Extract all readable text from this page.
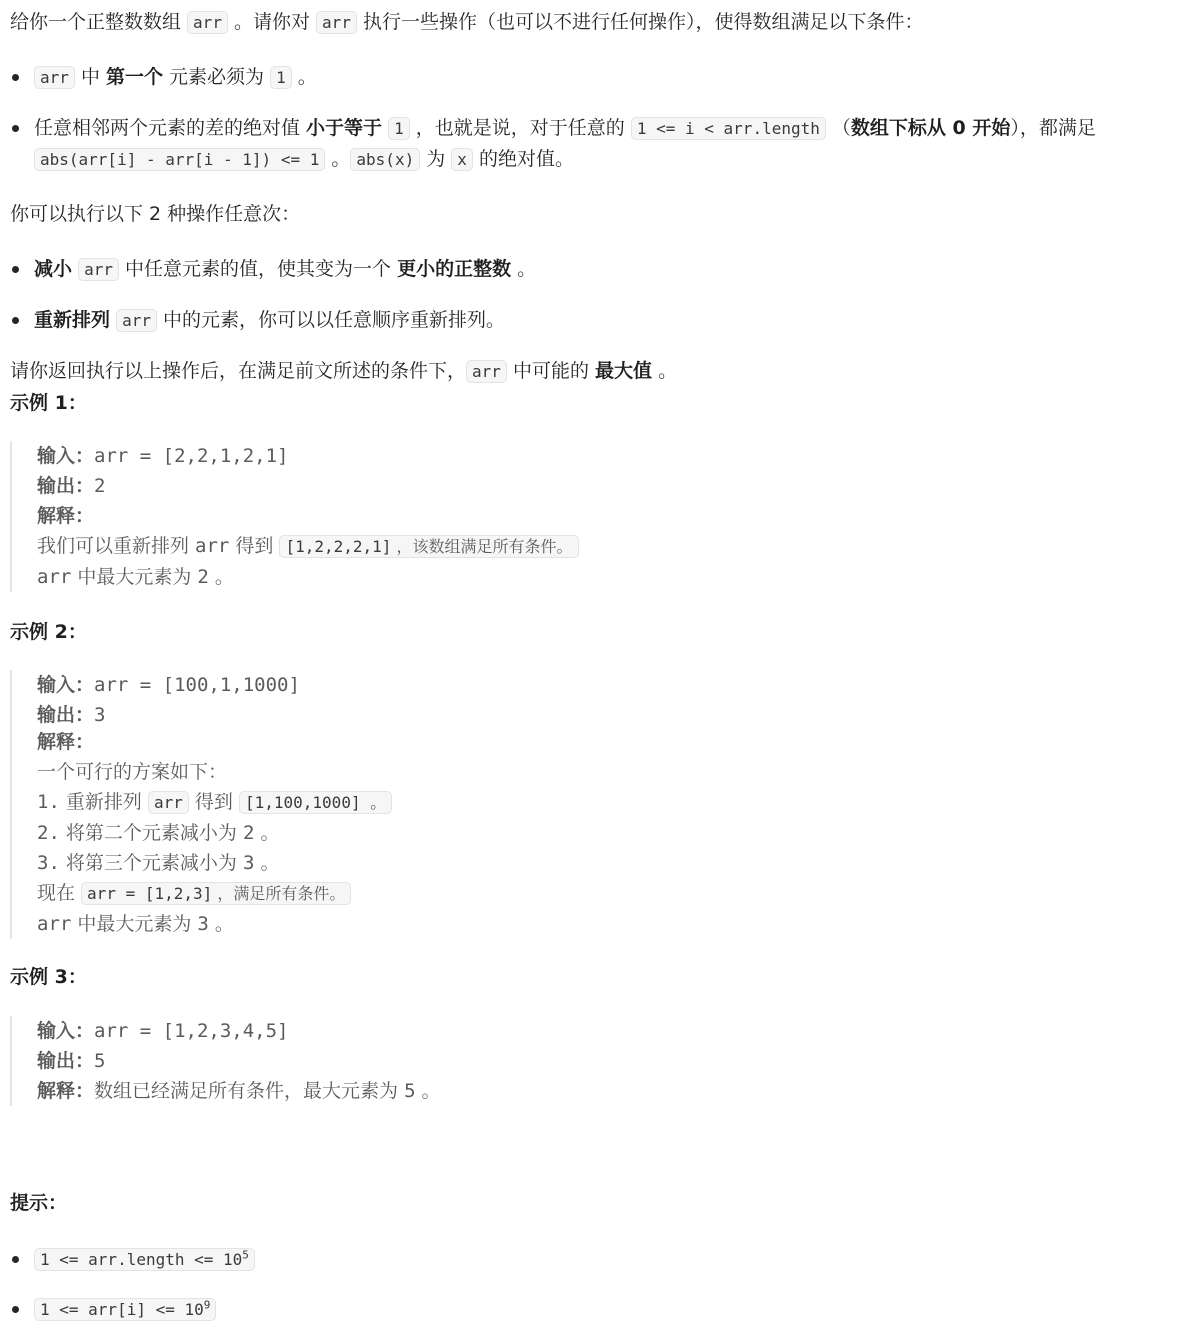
给你一个正整数数组 arr 。请你对 arr 执行一些操作（也可以不进行任何操作），使得数组满足以下条件：

arr 中 第一个 元素必须为 1 。
任意相邻两个元素的差的绝对值 小于等于 1 ，也就是说，对于任意的 1 <= i < arr.length （数组下标从 0 开始），都满足 abs(arr[i] - arr[i - 1]) <= 1 。 abs(x) 为 x 的绝对值。

你可以执行以下 2 种操作任意次：

减小 arr 中任意元素的值，使其变为一个 更小的正整数 。
重新排列 arr 中的元素，你可以以任意顺序重新排列。
请你返回执行以上操作后，在满足前文所述的条件下， arr 中可能的 最大值 。
示例 1：
输入：arr = [2,2,1,2,1]
输出：2
解释：
我们可以重新排列 arr 得到 [1,2,2,2,1] ，该数组满足所有条件。
arr 中最大元素为 2 。
示例 2：
输入：arr = [100,1,1000]
输出：3
解释：
一个可行的方案如下：
1. 重新排列 arr 得到 [1,100,1000] 。
2. 将第二个元素减小为 2 。
3. 将第三个元素减小为 3 。
现在 arr = [1,2,3] ，满足所有条件。
arr 中最大元素为 3 。
示例 3：
输入：arr = [1,2,3,4,5]
输出：5
解释：数组已经满足所有条件，最大元素为 5 。
提示：
1 <= arr.length <= $10^5$
$1 <= arr[i] <= 10^9$
